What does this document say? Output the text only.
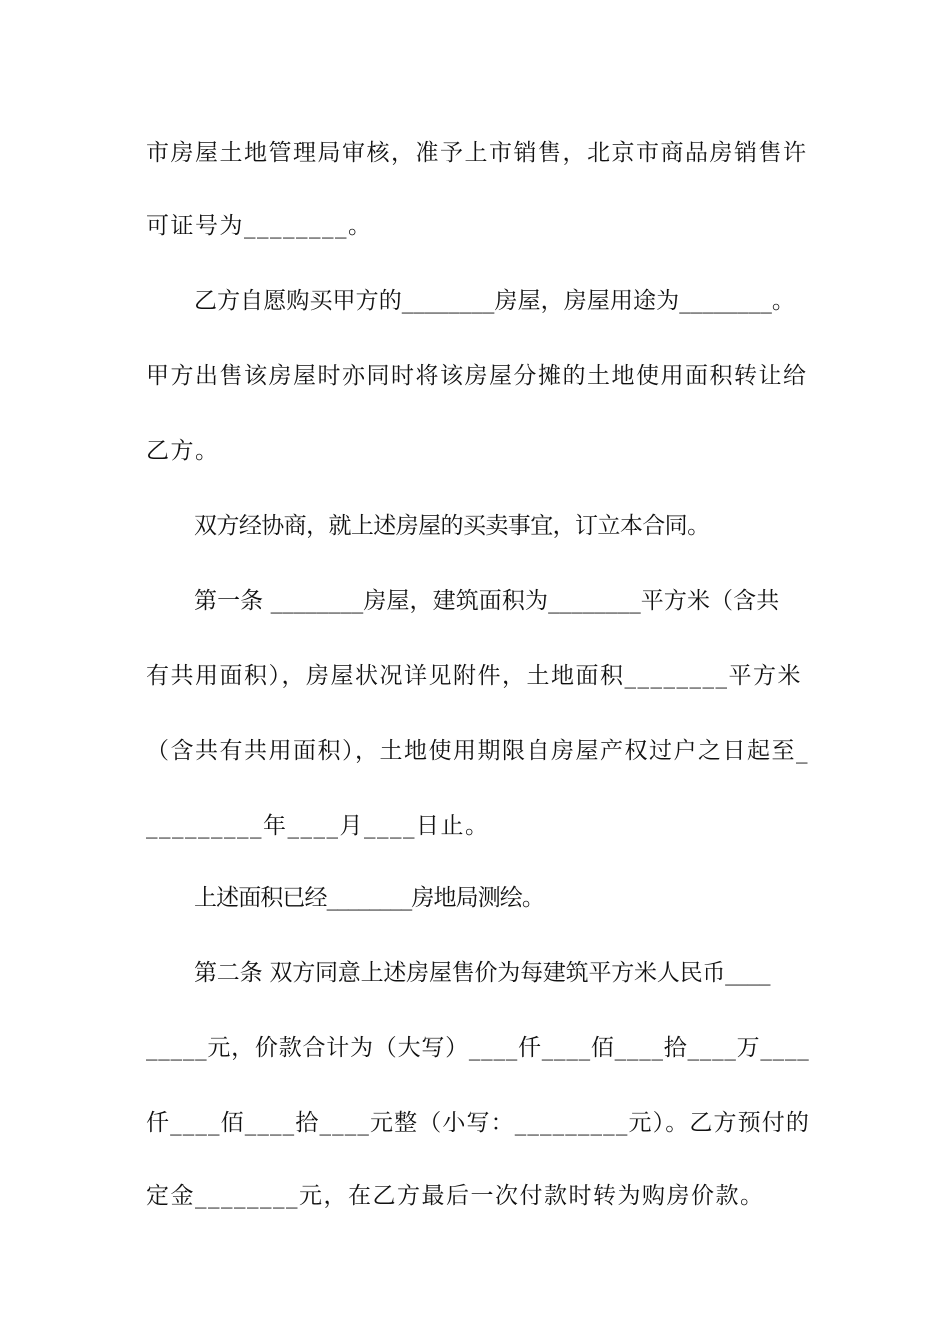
市房屋土地管理局审核，准予上市销售，北京市商品房销售许
可证号为________。
乙方自愿购买甲方的________房屋，房屋用途为________。
甲方出售该房屋时亦同时将该房屋分摊的土地使用面积转让给
乙方。
双方经协商，就上述房屋的买卖事宜，订立本合同。
第一条 ________房屋，建筑面积为________平方米（含共
有共用面积），房屋状况详见附件，土地面积________平方米
（含共有共用面积），土地使用期限自房屋产权过户之日起至_
_________年____月____日止。
上述面积已经________房地局测绘。
第二条 双方同意上述房屋售价为每建筑平方米人民币____
_____元，价款合计为（大写）____仟____佰____拾____万____
仟____佰____拾____元整（小写：_________元）。乙方预付的
定金________元，在乙方最后一次付款时转为购房价款。
